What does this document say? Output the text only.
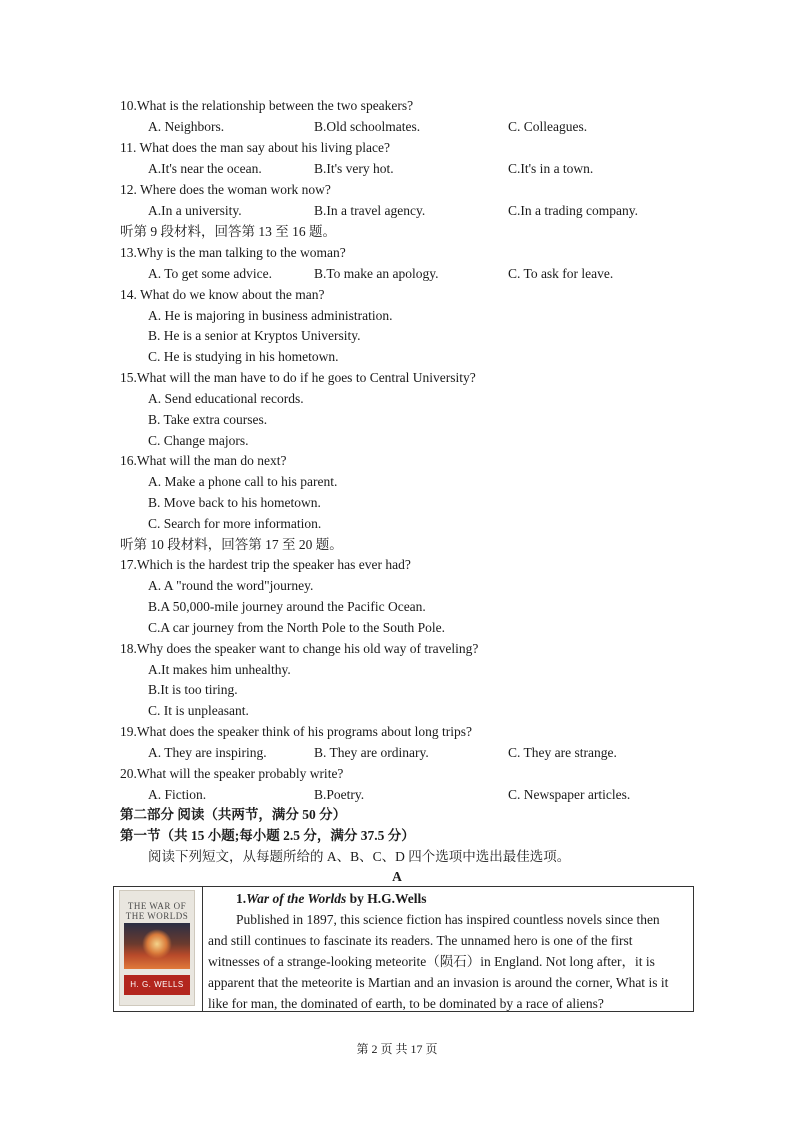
10.What is the relationship between the two speakers?
A. Neighbors.	B.Old schoolmates.	C. Colleagues.
11. What does the man say about his living place?
A.It's near the ocean.	B.It's very hot.	C.It's in a town.
12. Where does the woman work now?
A.In a university.	B.In a travel agency.	C.In a trading company.
听第 9 段材料，回答第 13 至 16 题。
13.Why is the man talking to the woman?
A. To get some advice.	B.To make an apology.	C. To ask for leave.
14. What do we know about the man?
A. He is majoring in business administration.
B. He is a senior at Kryptos University.
C. He is studying in his hometown.
15.What will the man have to do if he goes to Central University?
A. Send educational records.
B. Take extra courses.
C. Change majors.
16.What will the man do next?
A. Make a phone call to his parent.
B. Move back to his hometown.
C. Search for more information.
听第 10 段材料，回答第 17 至 20 题。
17.Which is the hardest trip the speaker has ever had?
A. A "round the word"journey.
B.A 50,000-mile journey around the Pacific Ocean.
C.A car journey from the North Pole to the South Pole.
18.Why does the speaker want to change his old way of traveling?
A.It makes him unhealthy.
B.It is too tiring.
C. It is unpleasant.
19.What does the speaker think of his programs about long trips?
A. They are inspiring.	B. They are ordinary.	C. They are strange.
20.What will the speaker probably write?
A. Fiction.	B.Poetry.	C. Newspaper articles.
第二部分 阅读（共两节，满分 50 分）
第一节（共 15 小题;每小题 2.5 分，满分 37.5 分）
阅读下列短文，从每题所给的 A、B、C、D 四个选项中选出最佳选项。
A
THE WAR OF
THE WORLDS
H. G. WELLS
1.War of the Worlds by H.G.Wells
Published in 1897, this science fiction has inspired countless novels since then
and still continues to fascinate its readers. The unnamed hero is one of the first
witnesses of a strange-looking meteorite（陨石）in England. Not long after，it is
apparent that the meteorite is Martian and an invasion is around the corner, What is it
like for man, the dominated of earth, to be dominated by a race of aliens?
第 2 页 共 17 页
